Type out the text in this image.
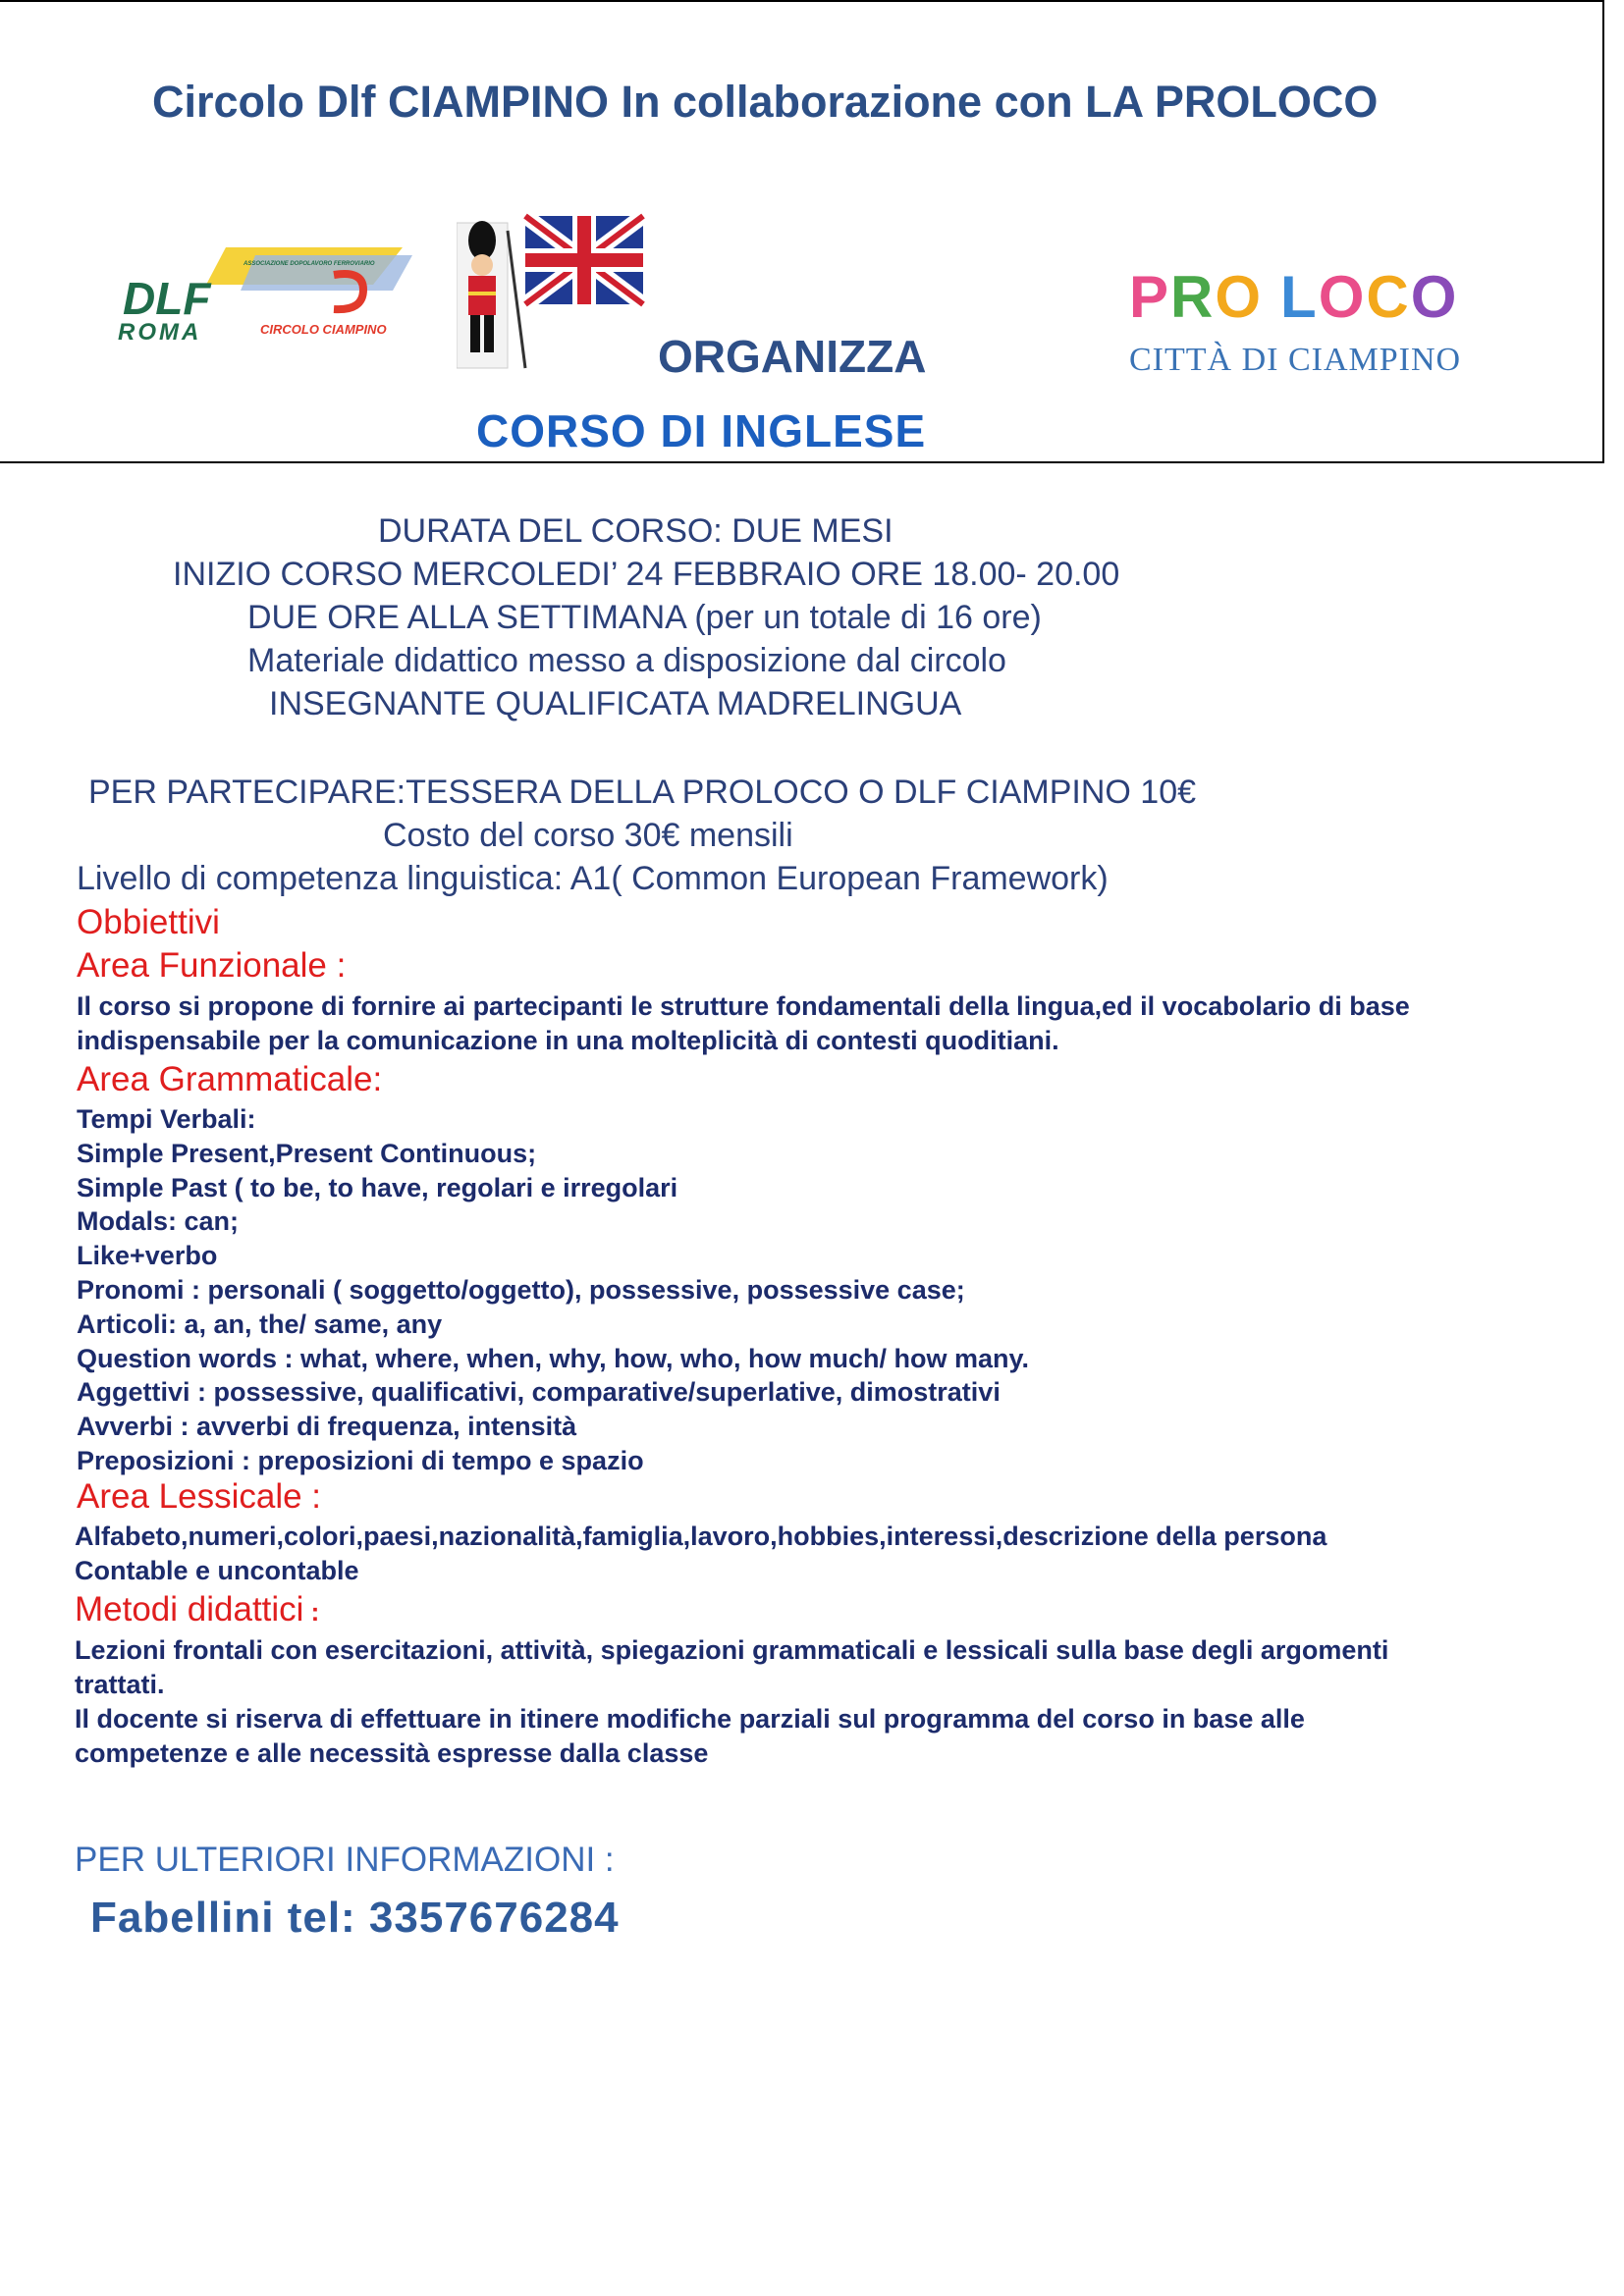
Circolo Dlf CIAMPINO In collaborazione con LA PROLOCO
DLF
ROMA
ASSOCIAZIONE DOPOLAVORO FERROVIARIO
CIRCOLO CIAMPINO
ORGANIZZA
CORSO DI INGLESE
PRO LOCO
CITTÀ DI CIAMPINO
DURATA DEL CORSO: DUE MESI
INIZIO CORSO MERCOLEDI’ 24 FEBBRAIO ORE 18.00- 20.00
DUE ORE ALLA SETTIMANA (per un totale di 16 ore)
Materiale didattico messo a disposizione dal circolo
INSEGNANTE QUALIFICATA MADRELINGUA
PER PARTECIPARE:TESSERA DELLA PROLOCO O DLF CIAMPINO 10€
Costo del corso 30€ mensili
Livello di competenza linguistica: A1( Common European Framework)
Obbiettivi
Area Funzionale :
Il corso si propone di fornire ai partecipanti le strutture fondamentali della lingua,ed il vocabolario di base
indispensabile per la comunicazione in una molteplicità di contesti quoditiani.
Area Grammaticale:
Tempi Verbali:
Simple Present,Present Continuous;
Simple Past ( to be, to have, regolari e irregolari
Modals: can;
Like+verbo
Pronomi : personali ( soggetto/oggetto), possessive, possessive case;
Articoli: a, an, the/ same, any
Question words : what, where, when, why, how, who, how much/ how many.
Aggettivi : possessive, qualificativi, comparative/superlative, dimostrativi
Avverbi : avverbi di frequenza, intensità
Preposizioni : preposizioni di tempo e spazio
Area Lessicale :
Alfabeto,numeri,colori,paesi,nazionalità,famiglia,lavoro,hobbies,interessi,descrizione della persona
Contable e uncontable
Metodi didattici :
Lezioni frontali con esercitazioni, attività, spiegazioni grammaticali e lessicali sulla base degli argomenti
trattati.
Il docente si riserva di effettuare in itinere modifiche parziali sul programma del corso in base alle
competenze e alle necessità espresse dalla classe
PER ULTERIORI INFORMAZIONI :
Fabellini tel: 3357676284
